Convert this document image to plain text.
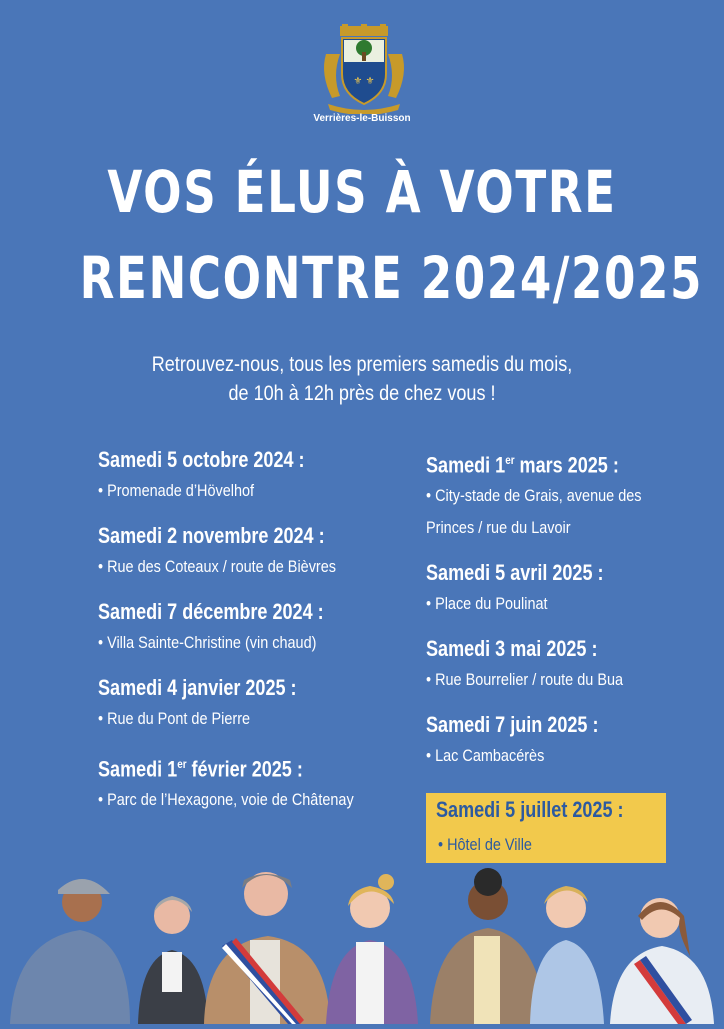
⚜ ⚜
Verrières-le-Buisson
VOS ÉLUS À VOTRE
RENCONTRE 2024/2025
Retrouvez-nous, tous les premiers samedis du mois,
de 10h à 12h près de chez vous !
Samedi 5 octobre 2024 :
• Promenade d’Hövelhof
Samedi 2 novembre 2024 :
• Rue des Coteaux / route de Bièvres
Samedi 7 décembre 2024 :
• Villa Sainte-Christine (vin chaud)
Samedi 4 janvier 2025 :
• Rue du Pont de Pierre
Samedi 1er février 2025 :
• Parc de l’Hexagone, voie de Châtenay
Samedi 1er mars 2025 :
• City-stade de Grais, avenue des Princes / rue du Lavoir
Samedi 5 avril 2025 :
• Place du Poulinat
Samedi 3 mai 2025 :
• Rue Bourrelier / route du Bua
Samedi 7 juin 2025 :
• Lac Cambacérès
Samedi 5 juillet 2025 :
• Hôtel de Ville
